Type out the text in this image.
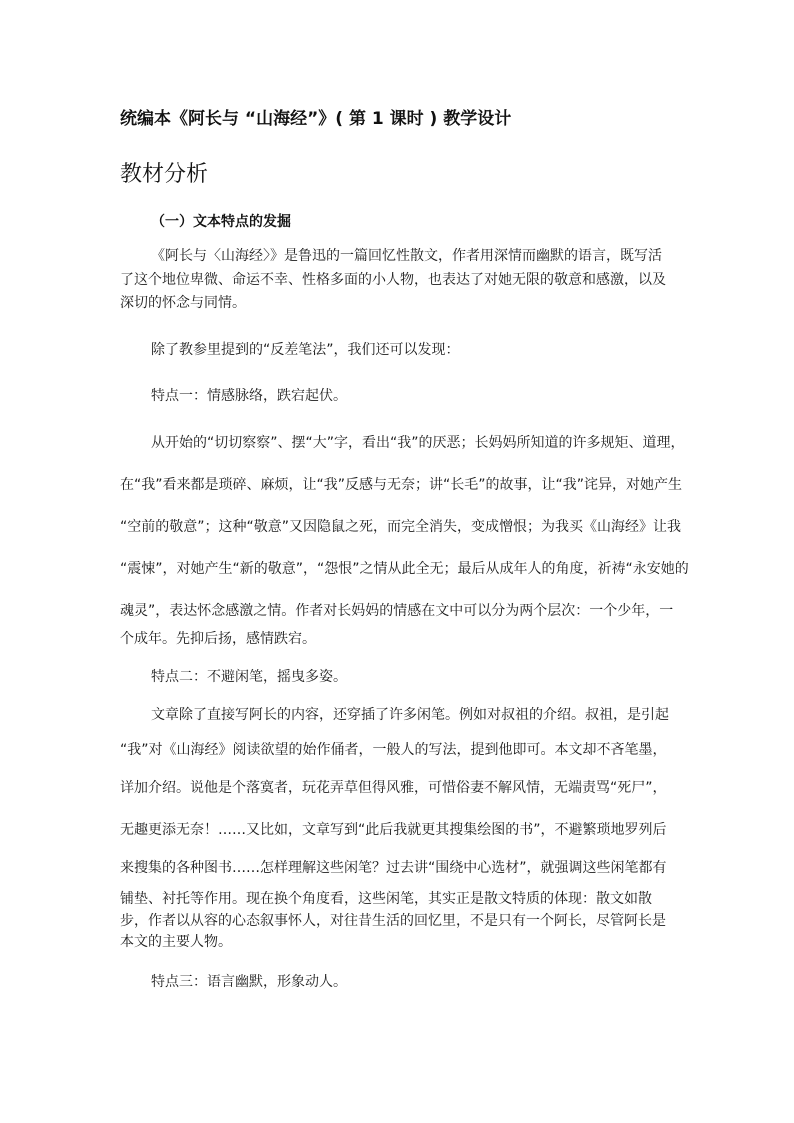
统编本《阿长与 “山海经”》( 第 1 课时 ) 教学设计

教材分析

（一）文本特点的发掘

《阿长与〈山海经〉》是鲁迅的一篇回忆性散文，作者用深情而幽默的语言，既写活

了这个地位卑微、命运不幸、性格多面的小人物，也表达了对她无限的敬意和感激，以及

深切的怀念与同情。

除了教参里提到的“反差笔法”，我们还可以发现：

特点一：情感脉络，跌宕起伏。

从开始的“切切察察”、摆“大”字，看出“我”的厌恶；长妈妈所知道的许多规矩、道理，

在“我”看来都是琐碎、麻烦，让“我”反感与无奈；讲“长毛”的故事，让“我”诧异，对她产生

“空前的敬意”；这种“敬意”又因隐鼠之死，而完全消失，变成憎恨；为我买《山海经》让我

“震悚”，对她产生“新的敬意”，“怨恨”之情从此全无；最后从成年人的角度，祈祷“永安她的

魂灵”，表达怀念感激之情。作者对长妈妈的情感在文中可以分为两个层次：一个少年，一

个成年。先抑后扬，感情跌宕。

特点二：不避闲笔，摇曳多姿。

文章除了直接写阿长的内容，还穿插了许多闲笔。例如对叔祖的介绍。叔祖，是引起

“我”对《山海经》阅读欲望的始作俑者，一般人的写法，提到他即可。本文却不吝笔墨，

详加介绍。说他是个落寞者，玩花弄草但得风雅，可惜俗妻不解风情，无端责骂“死尸”，

无趣更添无奈！……又比如，文章写到“此后我就更其搜集绘图的书”，不避繁琐地罗列后

来搜集的各种图书……怎样理解这些闲笔？过去讲“围绕中心选材”，就强调这些闲笔都有

铺垫、衬托等作用。现在换个角度看，这些闲笔，其实正是散文特质的体现：散文如散

步，作者以从容的心态叙事怀人，对往昔生活的回忆里，不是只有一个阿长，尽管阿长是

本文的主要人物。

特点三：语言幽默，形象动人。
